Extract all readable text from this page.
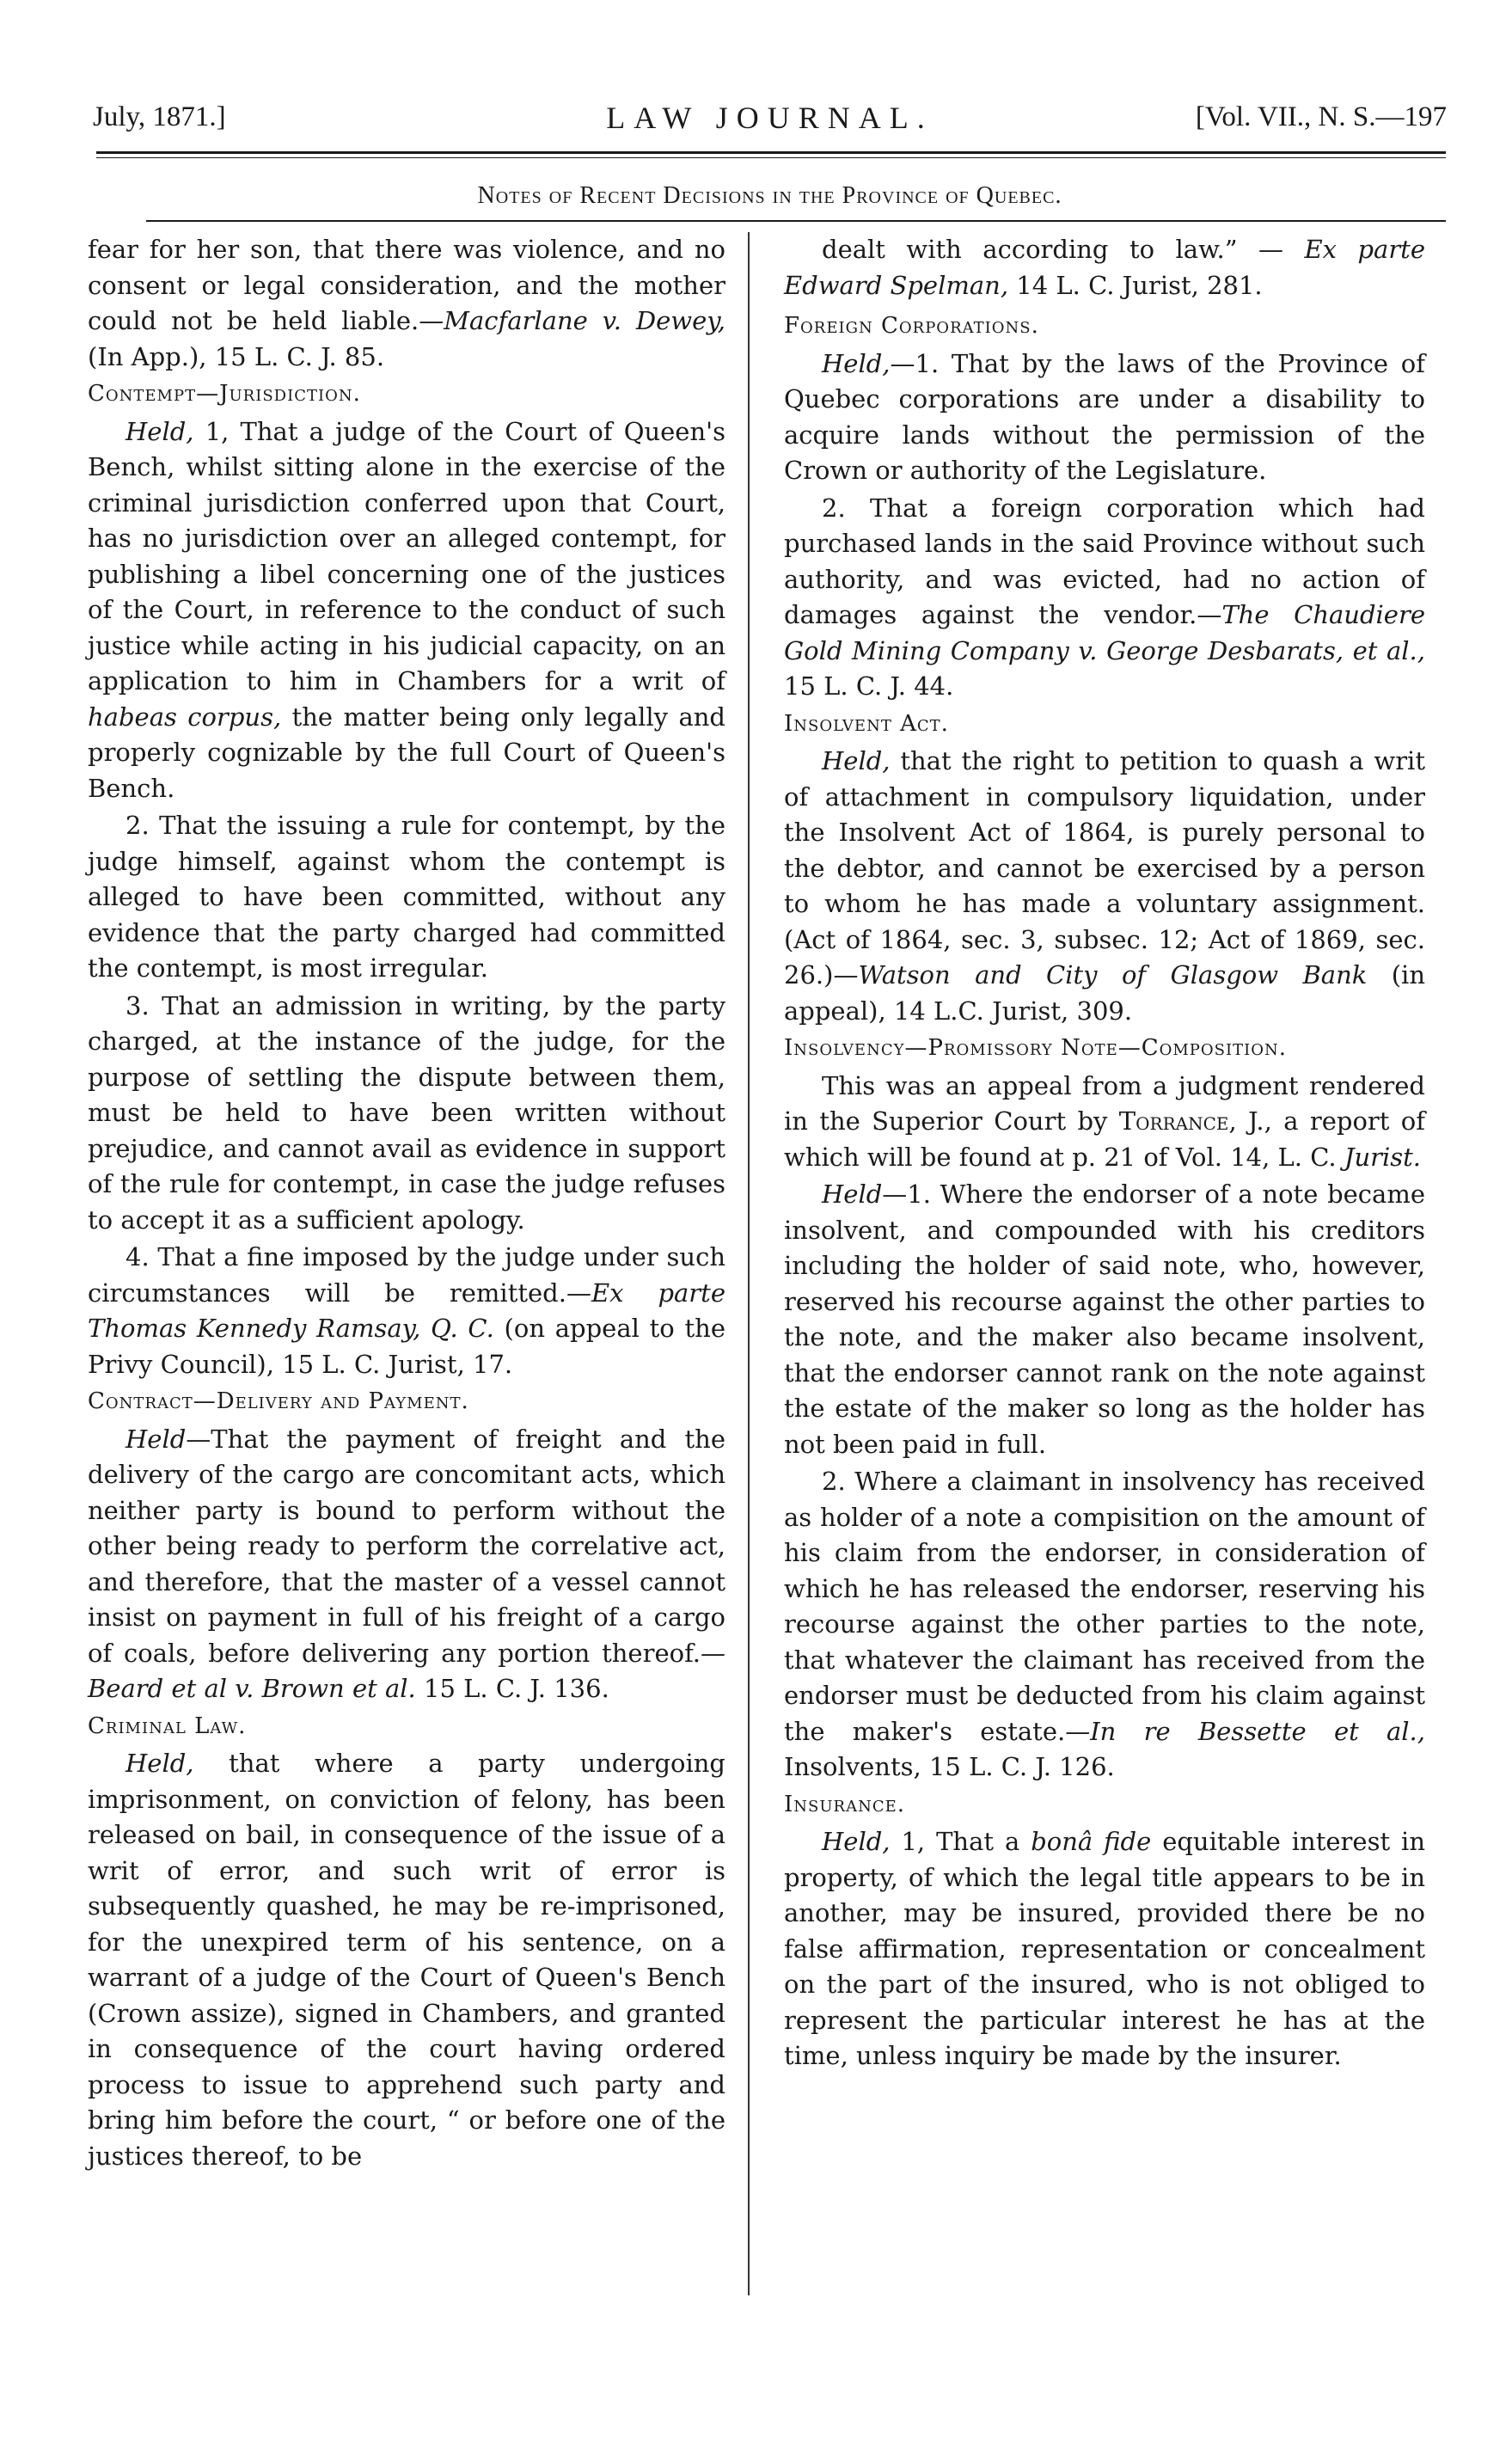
July, 1871.]	LAW JOURNAL.	[Vol. VII., N. S.—197
Notes of Recent Decisions in the Province of Quebec.

fear for her son, that there was violence, and no consent or legal consideration, and the mother could not be held liable.—Macfarlane v. Dewey, (In App.), 15 L. C. J. 85.

Contempt—Jurisdiction.

Held, 1, That a judge of the Court of Queen's Bench, whilst sitting alone in the exercise of the criminal jurisdiction conferred upon that Court, has no jurisdiction over an alleged contempt, for publishing a libel concerning one of the justices of the Court, in reference to the conduct of such justice while acting in his judicial capacity, on an application to him in Chambers for a writ of habeas corpus, the matter being only legally and properly cognizable by the full Court of Queen's Bench.

2. That the issuing a rule for contempt, by the judge himself, against whom the contempt is alleged to have been committed, without any evidence that the party charged had committed the contempt, is most irregular.

3. That an admission in writing, by the party charged, at the instance of the judge, for the purpose of settling the dispute between them, must be held to have been written without prejudice, and cannot avail as evidence in support of the rule for contempt, in case the judge refuses to accept it as a sufficient apology.

4. That a fine imposed by the judge under such circumstances will be remitted.—Ex parte Thomas Kennedy Ramsay, Q. C. (on appeal to the Privy Council), 15 L. C. Jurist, 17.

Contract—Delivery and Payment.

Held—That the payment of freight and the delivery of the cargo are concomitant acts, which neither party is bound to perform without the other being ready to perform the correlative act, and therefore, that the master of a vessel cannot insist on payment in full of his freight of a cargo of coals, before delivering any portion thereof.—Beard et al v. Brown et al. 15 L. C. J. 136.

Criminal Law.

Held, that where a party undergoing imprisonment, on conviction of felony, has been released on bail, in consequence of the issue of a writ of error, and such writ of error is subsequently quashed, he may be re-imprisoned, for the unexpired term of his sentence, on a warrant of a judge of the Court of Queen's Bench (Crown assize), signed in Chambers, and granted in consequence of the court having ordered process to issue to apprehend such party and bring him before the court, “ or before one of the justices thereof, to be

dealt with according to law.” — Ex parte Edward Spelman, 14 L. C. Jurist, 281.

Foreign Corporations.

Held,—1. That by the laws of the Province of Quebec corporations are under a disability to acquire lands without the permission of the Crown or authority of the Legislature.

2. That a foreign corporation which had purchased lands in the said Province without such authority, and was evicted, had no action of damages against the vendor.—The Chaudiere Gold Mining Company v. George Desbarats, et al., 15 L. C. J. 44.

Insolvent Act.

Held, that the right to petition to quash a writ of attachment in compulsory liquidation, under the Insolvent Act of 1864, is purely personal to the debtor, and cannot be exercised by a person to whom he has made a voluntary assignment. (Act of 1864, sec. 3, subsec. 12; Act of 1869, sec. 26.)—Watson and City of Glasgow Bank (in appeal), 14 L.C. Jurist, 309.

Insolvency—Promissory Note—Composition.

This was an appeal from a judgment rendered in the Superior Court by Torrance, J., a report of which will be found at p. 21 of Vol. 14, L. C. Jurist.

Held—1. Where the endorser of a note became insolvent, and compounded with his creditors including the holder of said note, who, however, reserved his recourse against the other parties to the note, and the maker also became insolvent, that the endorser cannot rank on the note against the estate of the maker so long as the holder has not been paid in full.

2. Where a claimant in insolvency has received as holder of a note a compisition on the amount of his claim from the endorser, in consideration of which he has released the endorser, reserving his recourse against the other parties to the note, that whatever the claimant has received from the endorser must be deducted from his claim against the maker's estate.—In re Bessette et al., Insolvents, 15 L. C. J. 126.

Insurance.

Held, 1, That a bonâ fide equitable interest in property, of which the legal title appears to be in another, may be insured, provided there be no false affirmation, representation or concealment on the part of the insured, who is not obliged to represent the particular interest he has at the time, unless inquiry be made by the insurer.
